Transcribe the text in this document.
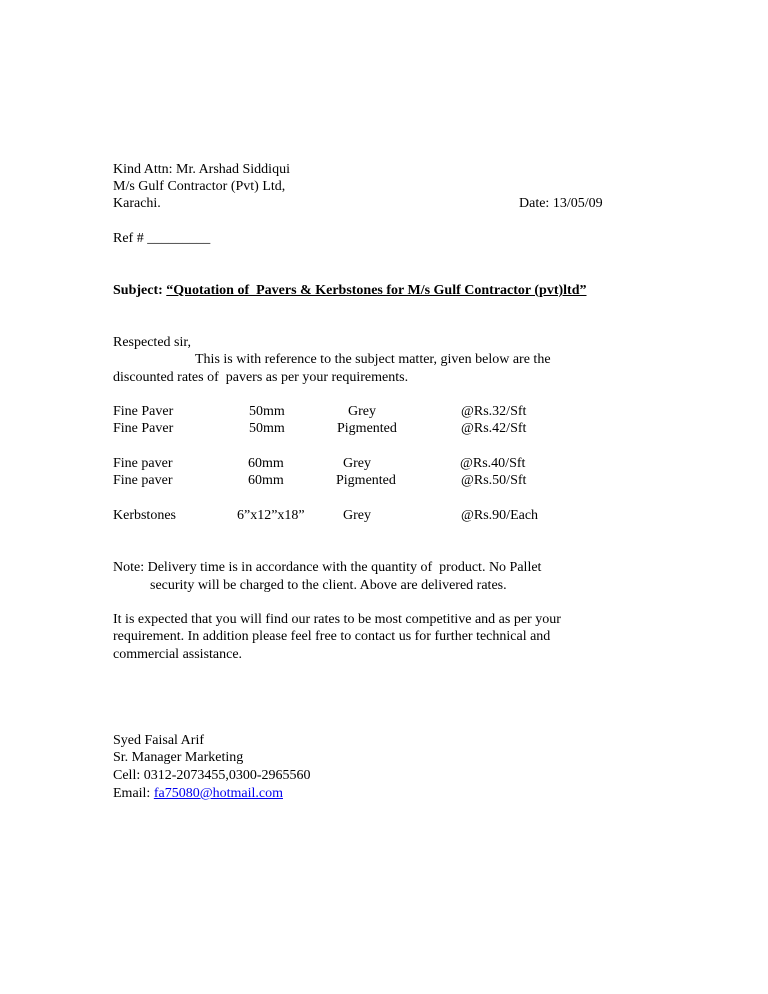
Kind Attn: Mr. Arshad Siddiqui
M/s Gulf Contractor (Pvt) Ltd,
Karachi.	Date: 13/05/09
Ref # _________
Subject: “Quotation of  Pavers & Kerbstones for M/s Gulf Contractor (pvt)ltd”
Respected sir,
This is with reference to the subject matter, given below are the
discounted rates of  pavers as per your requirements.
Fine Paver	50mm	Grey	@Rs.32/Sft
Fine Paver	50mm	Pigmented	@Rs.42/Sft
Fine paver	60mm	Grey	@Rs.40/Sft
Fine paver	60mm	Pigmented	@Rs.50/Sft
Kerbstones	6”x12”x18”	Grey	@Rs.90/Each
Note: Delivery time is in accordance with the quantity of  product. No Pallet
security will be charged to the client. Above are delivered rates.
It is expected that you will find our rates to be most competitive and as per your
requirement. In addition please feel free to contact us for further technical and
commercial assistance.
Syed Faisal Arif
Sr. Manager Marketing
Cell: 0312-2073455,0300-2965560
Email: fa75080@hotmail.com
